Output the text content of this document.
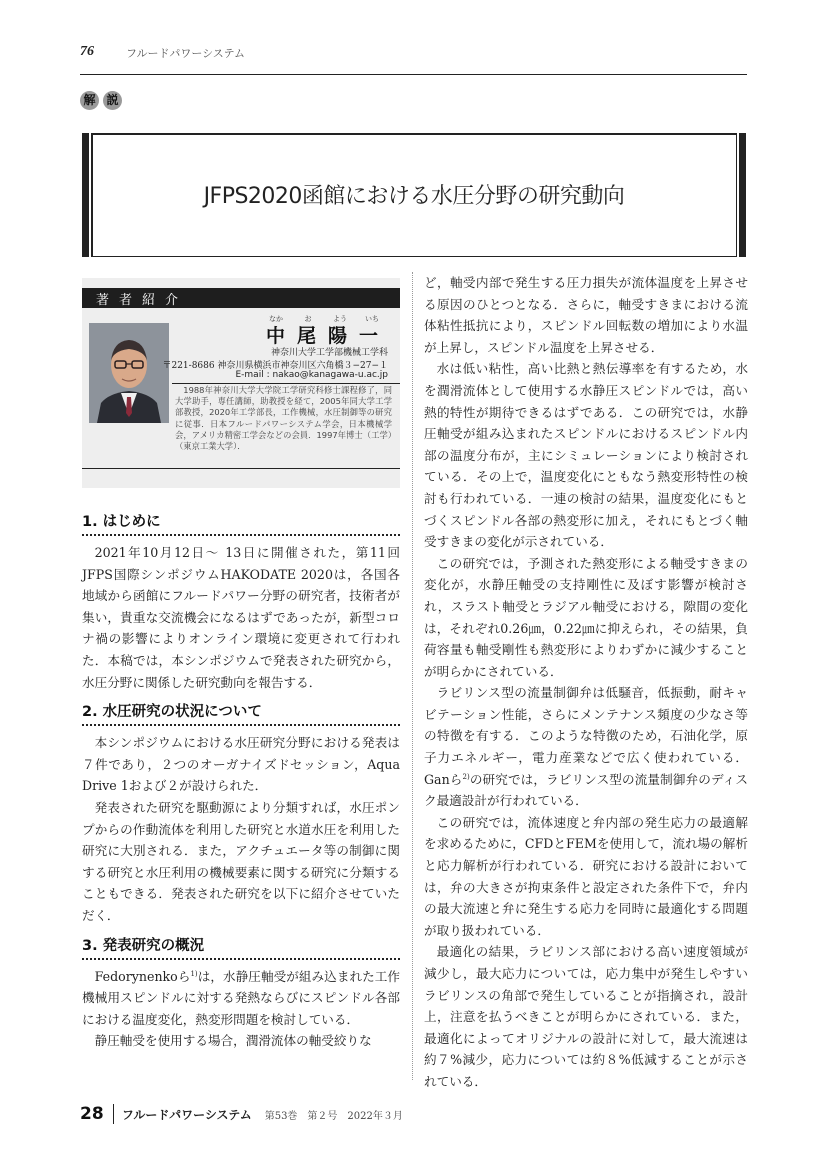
76	フルードパワーシステム
解 説
JFPS2020函館における水圧分野の研究動向
著者紹介
なか	お	よう	いち
中尾陽一
神奈川大学工学部機械工学科
〒221-8686 神奈川県横浜市神奈川区六角橋３−27−１
E-mail : nakao@kanagawa-u.ac.jp
1988年神奈川大学大学院工学研究科修士課程修了，同大学助手，専任講師，助教授を経て，2005年同大学工学部教授，2020年工学部長，工作機械，水圧制御等の研究に従事．日本フルードパワーシステム学会，日本機械学会，アメリカ精密工学会などの会員．1997年博士（工学）（東京工業大学）．
1. はじめに

2021年10月12日～ 13日に開催された，第11回JFPS国際シンポジウムHAKODATE 2020は，各国各地域から函館にフルードパワー分野の研究者，技術者が集い，貴重な交流機会になるはずであったが，新型コロナ禍の影響によりオンライン環境に変更されて行われた．本稿では，本シンポジウムで発表された研究から，水圧分野に関係した研究動向を報告する．

2. 水圧研究の状況について

本シンポジウムにおける水圧研究分野における発表は７件であり，２つのオーガナイズドセッション，Aqua Drive 1および２が設けられた．

発表された研究を駆動源により分類すれば，水圧ポンプからの作動流体を利用した研究と水道水圧を利用した研究に大別される．また，アクチュエータ等の制御に関する研究と水圧利用の機械要素に関する研究に分類することもできる．発表された研究を以下に紹介させていただく．

3. 発表研究の概況

Fedorynenkoら$^{1)}$は，水静圧軸受が組み込まれた工作機械用スピンドルに対する発熱ならびにスピンドル各部における温度変化，熱変形問題を検討している．

静圧軸受を使用する場合，潤滑流体の軸受絞りな

ど，軸受内部で発生する圧力損失が流体温度を上昇させる原因のひとつとなる．さらに，軸受すきまにおける流体粘性抵抗により，スピンドル回転数の増加により水温が上昇し，スピンドル温度を上昇させる．

水は低い粘性，高い比熱と熱伝導率を有するため，水を潤滑流体として使用する水静圧スピンドルでは，高い熱的特性が期待できるはずである．この研究では，水静圧軸受が組み込まれたスピンドルにおけるスピンドル内部の温度分布が，主にシミュレーションにより検討されている．その上で，温度変化にともなう熱変形特性の検討も行われている．一連の検討の結果，温度変化にもとづくスピンドル各部の熱変形に加え，それにもとづく軸受すきまの変化が示されている．

この研究では，予測された熱変形による軸受すきまの変化が，水静圧軸受の支持剛性に及ぼす影響が検討され，スラスト軸受とラジアル軸受における，隙間の変化は，それぞれ0.26㎛，0.22㎛に抑えられ，その結果，負荷容量も軸受剛性も熱変形によりわずかに減少することが明らかにされている．

ラビリンス型の流量制御弁は低騒音，低振動，耐キャビテーション性能，さらにメンテナンス頻度の少なさ等の特徴を有する．このような特徴のため，石油化学，原子力エネルギー，電力産業などで広く使われている．Ganら$^{2)}$の研究では，ラビリンス型の流量制御弁のディスク最適設計が行われている．

この研究では，流体速度と弁内部の発生応力の最適解を求めるために，CFDとFEMを使用して，流れ場の解析と応力解析が行われている．研究における設計においては，弁の大きさが拘束条件と設定された条件下で，弁内の最大流速と弁に発生する応力を同時に最適化する問題が取り扱われている．

最適化の結果，ラビリンス部における高い速度領域が減少し，最大応力については，応力集中が発生しやすいラビリンスの角部で発生していることが指摘され，設計上，注意を払うべきことが明らかにされている．また，最適化によってオリジナルの設計に対して，最大流速は約７%減少，応力については約８%低減することが示されている．

28 フルードパワーシステム 第53巻　第２号　2022年３月
